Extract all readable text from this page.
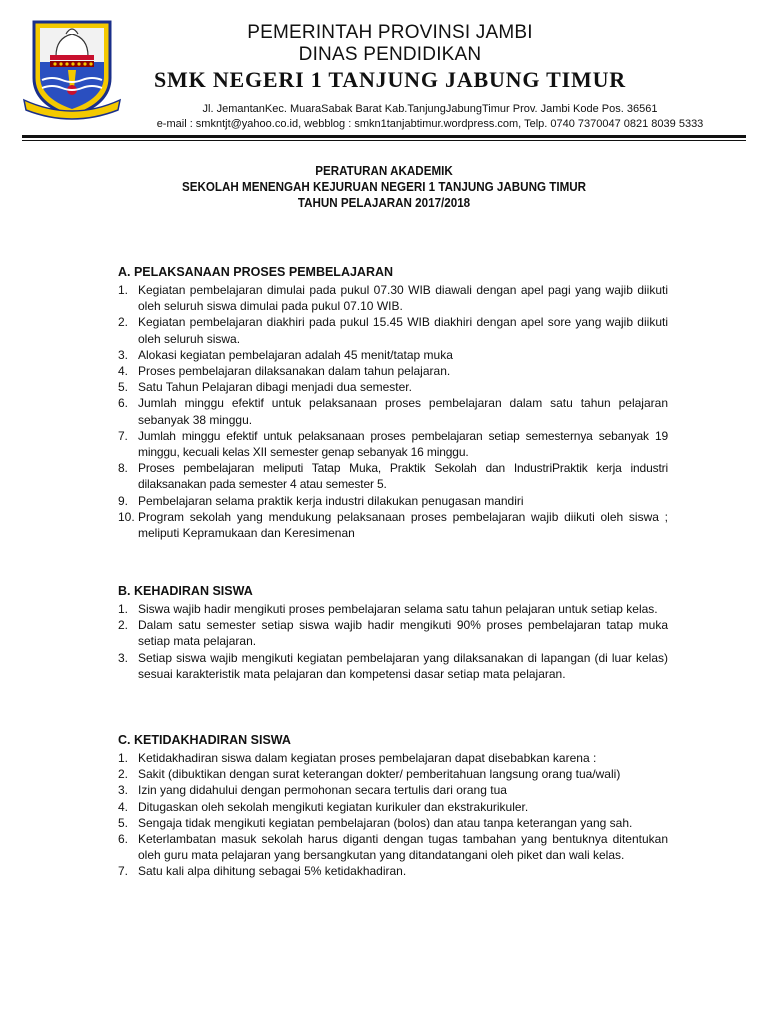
PEMERINTAH PROVINSI JAMBI
DINAS PENDIDIKAN
SMK NEGERI 1 TANJUNG JABUNG TIMUR
Jl. JemantanKec. MuaraSabak Barat Kab.TanjungJabungTimur Prov. Jambi Kode Pos. 36561
e-mail : smkntjt@yahoo.co.id, webblog : smkn1tanjabtimur.wordpress.com, Telp. 0740 7370047 0821 8039 5333
PERATURAN AKADEMIK
SEKOLAH MENENGAH KEJURUAN NEGERI 1 TANJUNG JABUNG TIMUR
TAHUN PELAJARAN 2017/2018
A. PELAKSANAAN PROSES PEMBELAJARAN
1. Kegiatan pembelajaran dimulai pada pukul 07.30 WIB diawali dengan apel pagi yang wajib diikuti oleh seluruh siswa dimulai pada pukul 07.10 WIB.
2. Kegiatan pembelajaran diakhiri pada pukul 15.45 WIB diakhiri dengan apel sore yang wajib diikuti oleh seluruh siswa.
3. Alokasi kegiatan pembelajaran adalah 45 menit/tatap muka
4. Proses pembelajaran dilaksanakan dalam tahun pelajaran.
5. Satu Tahun Pelajaran dibagi menjadi dua semester.
6. Jumlah minggu efektif untuk pelaksanaan proses pembelajaran dalam satu tahun pelajaran sebanyak 38 minggu.
7. Jumlah minggu efektif untuk pelaksanaan proses pembelajaran setiap semesternya sebanyak 19 minggu, kecuali kelas XII semester genap sebanyak 16 minggu.
8. Proses pembelajaran meliputi Tatap Muka, Praktik Sekolah dan IndustriPraktik kerja industri dilaksanakan pada semester 4 atau semester 5.
9. Pembelajaran selama praktik kerja industri dilakukan penugasan mandiri
10. Program sekolah yang mendukung pelaksanaan proses pembelajaran wajib diikuti oleh siswa ; meliputi Kepramukaan dan Keresimenan
B. KEHADIRAN SISWA
1. Siswa wajib hadir mengikuti proses pembelajaran selama satu tahun pelajaran untuk setiap kelas.
2. Dalam satu semester setiap siswa wajib hadir mengikuti 90% proses pembelajaran tatap muka setiap mata pelajaran.
3. Setiap siswa wajib mengikuti kegiatan pembelajaran yang dilaksanakan di lapangan (di luar kelas) sesuai karakteristik mata pelajaran dan kompetensi dasar setiap mata pelajaran.
C. KETIDAKHADIRAN SISWA
1. Ketidakhadiran siswa dalam kegiatan proses pembelajaran dapat disebabkan karena :
2. Sakit (dibuktikan dengan surat keterangan dokter/ pemberitahuan langsung orang tua/wali)
3. Izin yang didahului dengan permohonan secara tertulis dari orang tua
4. Ditugaskan oleh sekolah mengikuti kegiatan kurikuler dan ekstrakurikuler.
5. Sengaja tidak mengikuti kegiatan pembelajaran (bolos) dan atau tanpa keterangan yang sah.
6. Keterlambatan masuk sekolah harus diganti dengan tugas tambahan yang bentuknya ditentukan oleh guru mata pelajaran yang bersangkutan yang ditandatangani oleh piket dan wali kelas.
7. Satu kali alpa dihitung sebagai 5% ketidakhadiran.
